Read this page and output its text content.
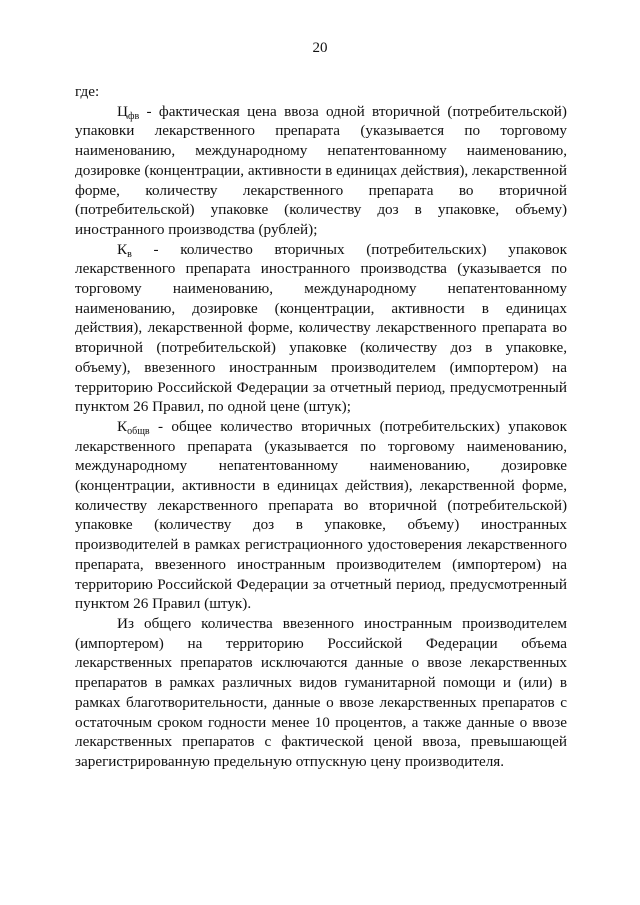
20

где:

$Ц_{фв}$ - фактическая цена ввоза одной вторичной (потребительской) упаковки лекарственного препарата (указывается по торговому наименованию, международному непатентованному наименованию, дозировке (концентрации, активности в единицах действия), лекарственной форме, количеству лекарственного препарата во вторичной (потребительской) упаковке (количеству доз в упаковке, объему) иностранного производства (рублей);

$К_в$ - количество вторичных (потребительских) упаковок лекарственного препарата иностранного производства (указывается по торговому наименованию, международному непатентованному наименованию, дозировке (концентрации, активности в единицах действия), лекарственной форме, количеству лекарственного препарата во вторичной (потребительской) упаковке (количеству доз в упаковке, объему), ввезенного иностранным производителем (импортером) на территорию Российской Федерации за отчетный период, предусмотренный пунктом 26 Правил, по одной цене (штук);

$К_{общв}$ - общее количество вторичных (потребительских) упаковок лекарственного препарата (указывается по торговому наименованию, международному непатентованному наименованию, дозировке (концентрации, активности в единицах действия), лекарственной форме, количеству лекарственного препарата во вторичной (потребительской) упаковке (количеству доз в упаковке, объему) иностранных производителей в рамках регистрационного удостоверения лекарственного препарата, ввезенного иностранным производителем (импортером) на территорию Российской Федерации за отчетный период, предусмотренный пунктом 26 Правил (штук).

Из общего количества ввезенного иностранным производителем (импортером) на территорию Российской Федерации объема лекарственных препаратов исключаются данные о ввозе лекарственных препаратов в рамках различных видов гуманитарной помощи и (или) в рамках благотворительности, данные о ввозе лекарственных препаратов с остаточным сроком годности менее 10 процентов, а также данные о ввозе лекарственных препаратов с фактической ценой ввоза, превышающей зарегистрированную предельную отпускную цену производителя.
